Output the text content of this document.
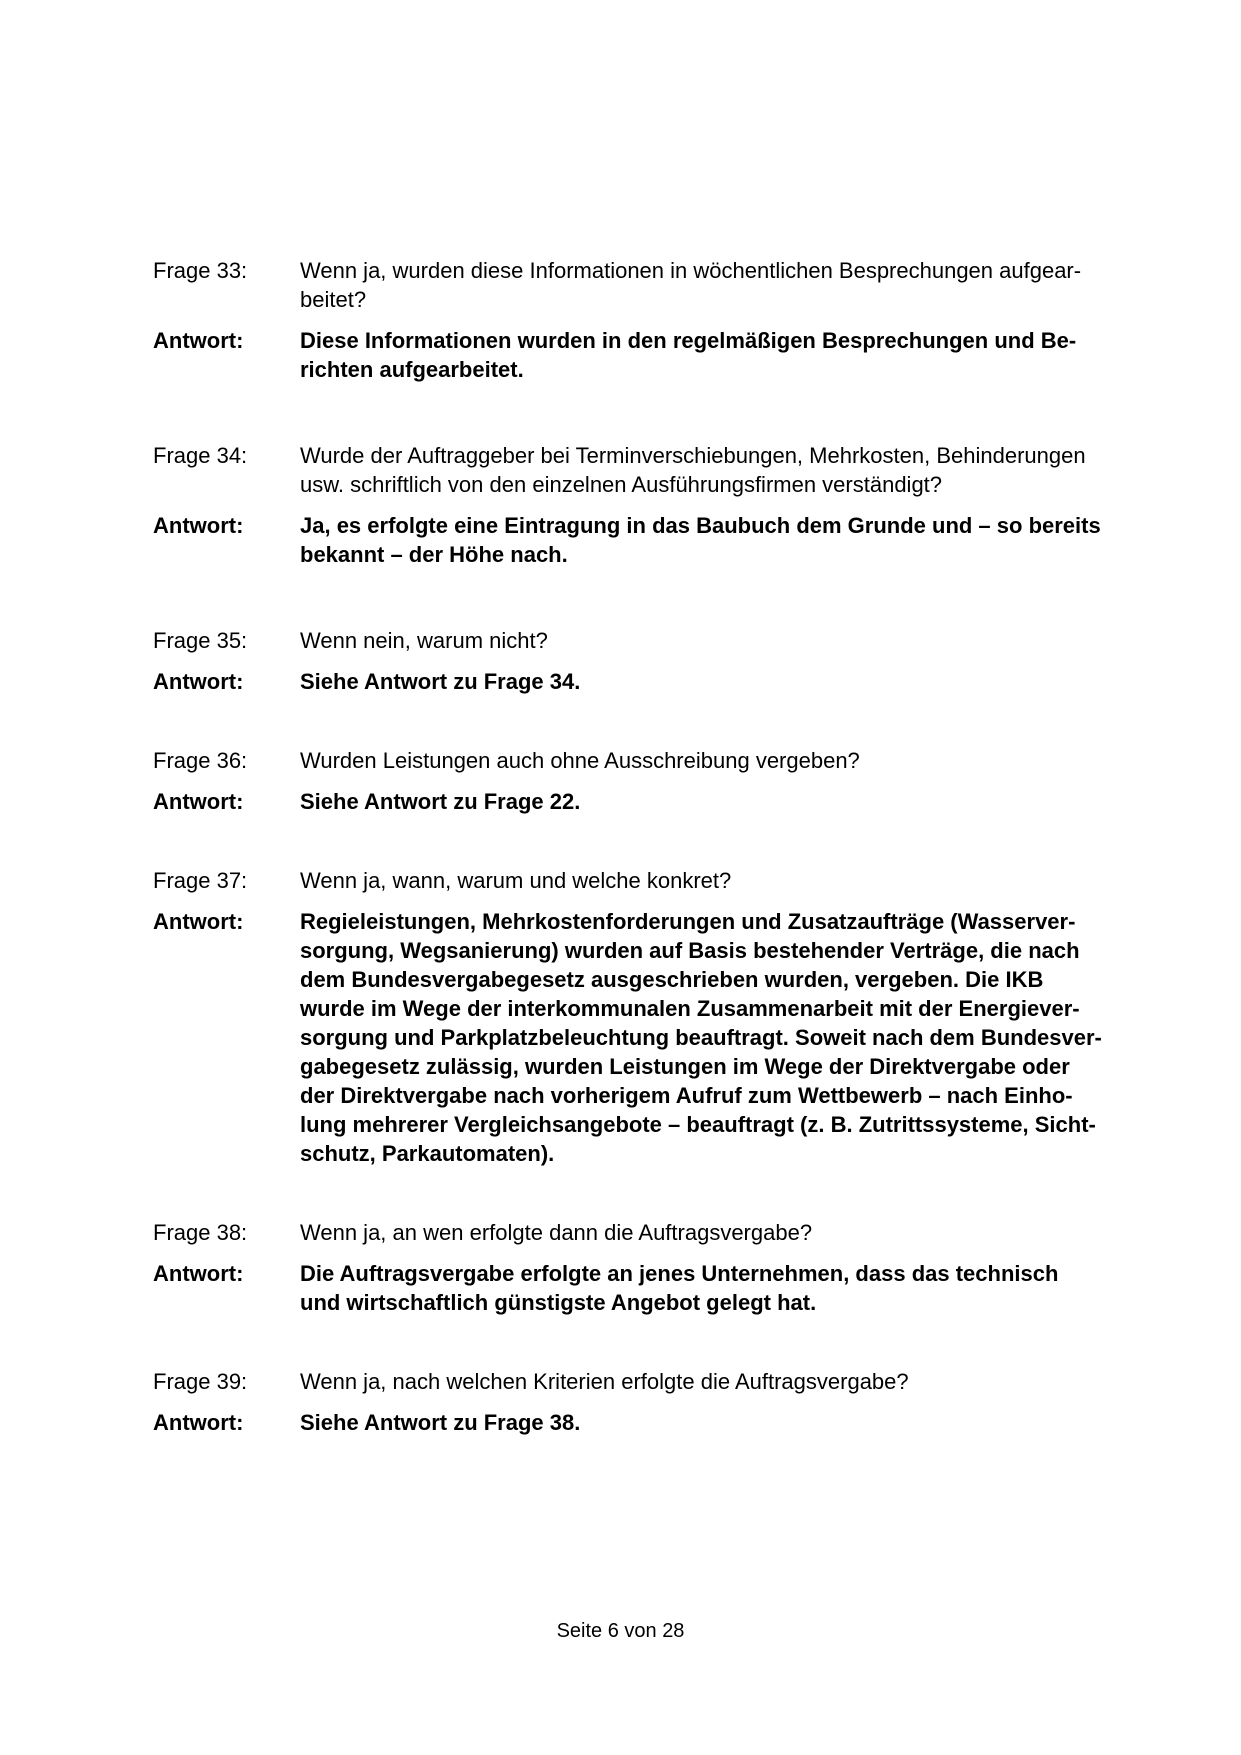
Frage 33:	Wenn ja, wurden diese Informationen in wöchentlichen Besprechungen aufgear-
beitet?
Antwort:	Diese Informationen wurden in den regelmäßigen Besprechungen und Be-
richten aufgearbeitet.
Frage 34:	Wurde der Auftraggeber bei Terminverschiebungen, Mehrkosten, Behinderungen
usw. schriftlich von den einzelnen Ausführungsfirmen verständigt?
Antwort:	Ja, es erfolgte eine Eintragung in das Baubuch dem Grunde und – so bereits
bekannt – der Höhe nach.
Frage 35:	Wenn nein, warum nicht?
Antwort:	Siehe Antwort zu Frage 34.
Frage 36:	Wurden Leistungen auch ohne Ausschreibung vergeben?
Antwort:	Siehe Antwort zu Frage 22.
Frage 37:	Wenn ja, wann, warum und welche konkret?
Antwort:	Regieleistungen, Mehrkostenforderungen und Zusatzaufträge (Wasserver-
sorgung, Wegsanierung) wurden auf Basis bestehender Verträge, die nach
dem Bundesvergabegesetz ausgeschrieben wurden, vergeben. Die IKB
wurde im Wege der interkommunalen Zusammenarbeit mit der Energiever-
sorgung und Parkplatzbeleuchtung beauftragt. Soweit nach dem Bundesver-
gabegesetz zulässig, wurden Leistungen im Wege der Direktvergabe oder
der Direktvergabe nach vorherigem Aufruf zum Wettbewerb – nach Einho-
lung mehrerer Vergleichsangebote – beauftragt (z. B. Zutrittssysteme, Sicht-
schutz, Parkautomaten).
Frage 38:	Wenn ja, an wen erfolgte dann die Auftragsvergabe?
Antwort:	Die Auftragsvergabe erfolgte an jenes Unternehmen, dass das technisch
und wirtschaftlich günstigste Angebot gelegt hat.
Frage 39:	Wenn ja, nach welchen Kriterien erfolgte die Auftragsvergabe?
Antwort:	Siehe Antwort zu Frage 38.
Seite 6 von 28
